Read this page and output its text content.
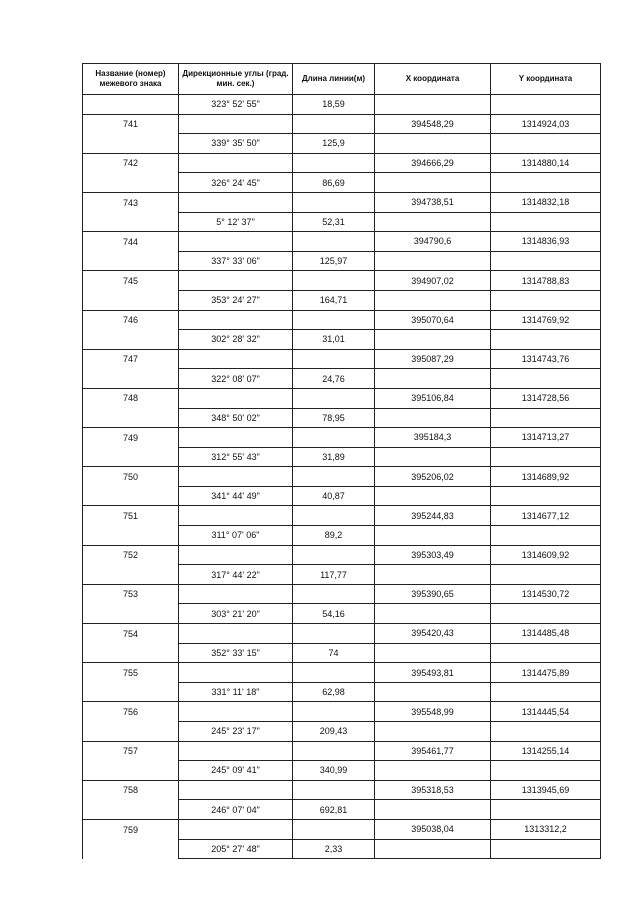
Название (номер) межевого знака	Дирекционные углы (град. мин. сек.)	Длина линии(м)	X координата	Y координата
	323° 52' 55"	18,59		
741			394548,29	1314924,03
	339° 35' 50"	125,9		
742			394666,29	1314880,14
	326° 24' 45"	86,69		
743			394738,51	1314832,18
	5° 12' 37"	52,31		
744			394790,6	1314836,93
	337° 33' 06"	125,97		
745			394907,02	1314788,83
	353° 24' 27"	164,71		
746			395070,64	1314769,92
	302° 28' 32"	31,01		
747			395087,29	1314743,76
	322° 08' 07"	24,76		
748			395106,84	1314728,56
	348° 50' 02"	78,95		
749			395184,3	1314713,27
	312° 55' 43"	31,89		
750			395206,02	1314689,92
	341° 44' 49"	40,87		
751			395244,83	1314677,12
	311° 07' 06"	89,2		
752			395303,49	1314609,92
	317° 44' 22"	117,77		
753			395390,65	1314530,72
	303° 21' 20"	54,16		
754			395420,43	1314485,48
	352° 33' 15"	74		
755			395493,81	1314475,89
	331° 11' 18"	62,98		
756			395548,99	1314445,54
	245° 23' 17"	209,43		
757			395461,77	1314255,14
	245° 09' 41"	340,99		
758			395318,53	1313945,69
	246° 07' 04"	692,81		
759			395038,04	1313312,2
	205° 27' 48"	2,33		
